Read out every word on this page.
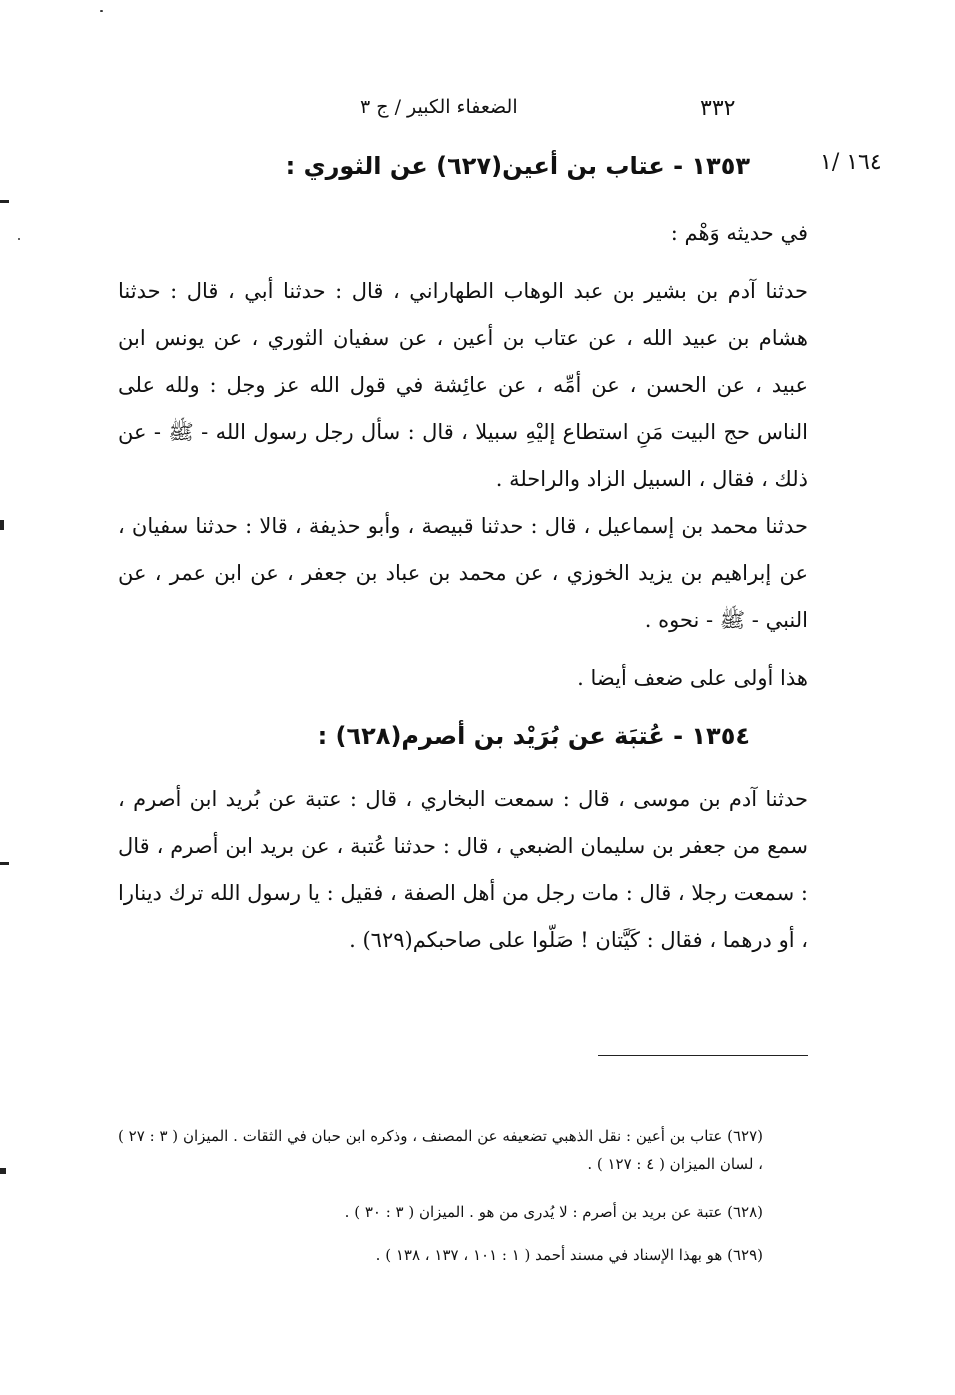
الضعفاء الكبير / ج ٣	٣٣٢
١٦٤ /١
١٣٥٣ - عتاب بن أعين(٦٢٧) عن الثوري :
في حديثه وَهْم :
حدثنا آدم بن بشير بن عبد الوهاب الطهاراني ، قال : حدثنا أبي ، قال : حدثنا هشام بن عبيد الله ، عن عتاب بن أعين ، عن سفيان الثوري ، عن يونس ابن عبيد ، عن الحسن ، عن أمِّه ، عن عائِشة في قول الله عز وجل : ولله على الناس حج البيت مَنِ استطاع إليْهِ سبيلا ، قال : سأل رجل رسول الله - ﷺ - عن ذلك ، فقال ، السبيل الزاد والراحلة .
حدثنا محمد بن إسماعيل ، قال : حدثنا قبيصة ، وأبو حذيفة ، قالا : حدثنا سفيان ، عن إبراهيم بن يزيد الخوزي ، عن محمد بن عباد بن جعفر ، عن ابن عمر ، عن النبي - ﷺ - نحوه .
هذا أولى على ضعف أيضا .
١٣٥٤ - عُتبَة عن بُرَيْد بن أصرم(٦٢٨) :
حدثنا آدم بن موسى ، قال : سمعت البخاري ، قال : عتبة عن بُريد ابن أصرم ، سمع من جعفر بن سليمان الضبعي ، قال : حدثنا عُتبة ، عن بريد ابن أصرم ، قال : سمعت رجلا ، قال : مات رجل من أهل الصفة ، فقيل : يا رسول الله ترك دينارا ، أو درهما ، فقال : كَيَّتان ! صَلّوا على صاحبكم(٦٢٩) .
(٦٢٧) عتاب بن أعين : نقل الذهبي تضعيفه عن المصنف ، وذكره ابن حبان في الثقات . الميزان ( ٣ : ٢٧ ) ، لسان الميزان ( ٤ : ١٢٧ ) .
(٦٢٨) عتبة عن بريد بن أصرم : لا يُدرى من هو . الميزان ( ٣ : ٣٠ ) .
(٦٢٩) هو بهذا الإسناد في مسند أحمد ( ١ : ١٠١ ، ١٣٧ ، ١٣٨ ) .
